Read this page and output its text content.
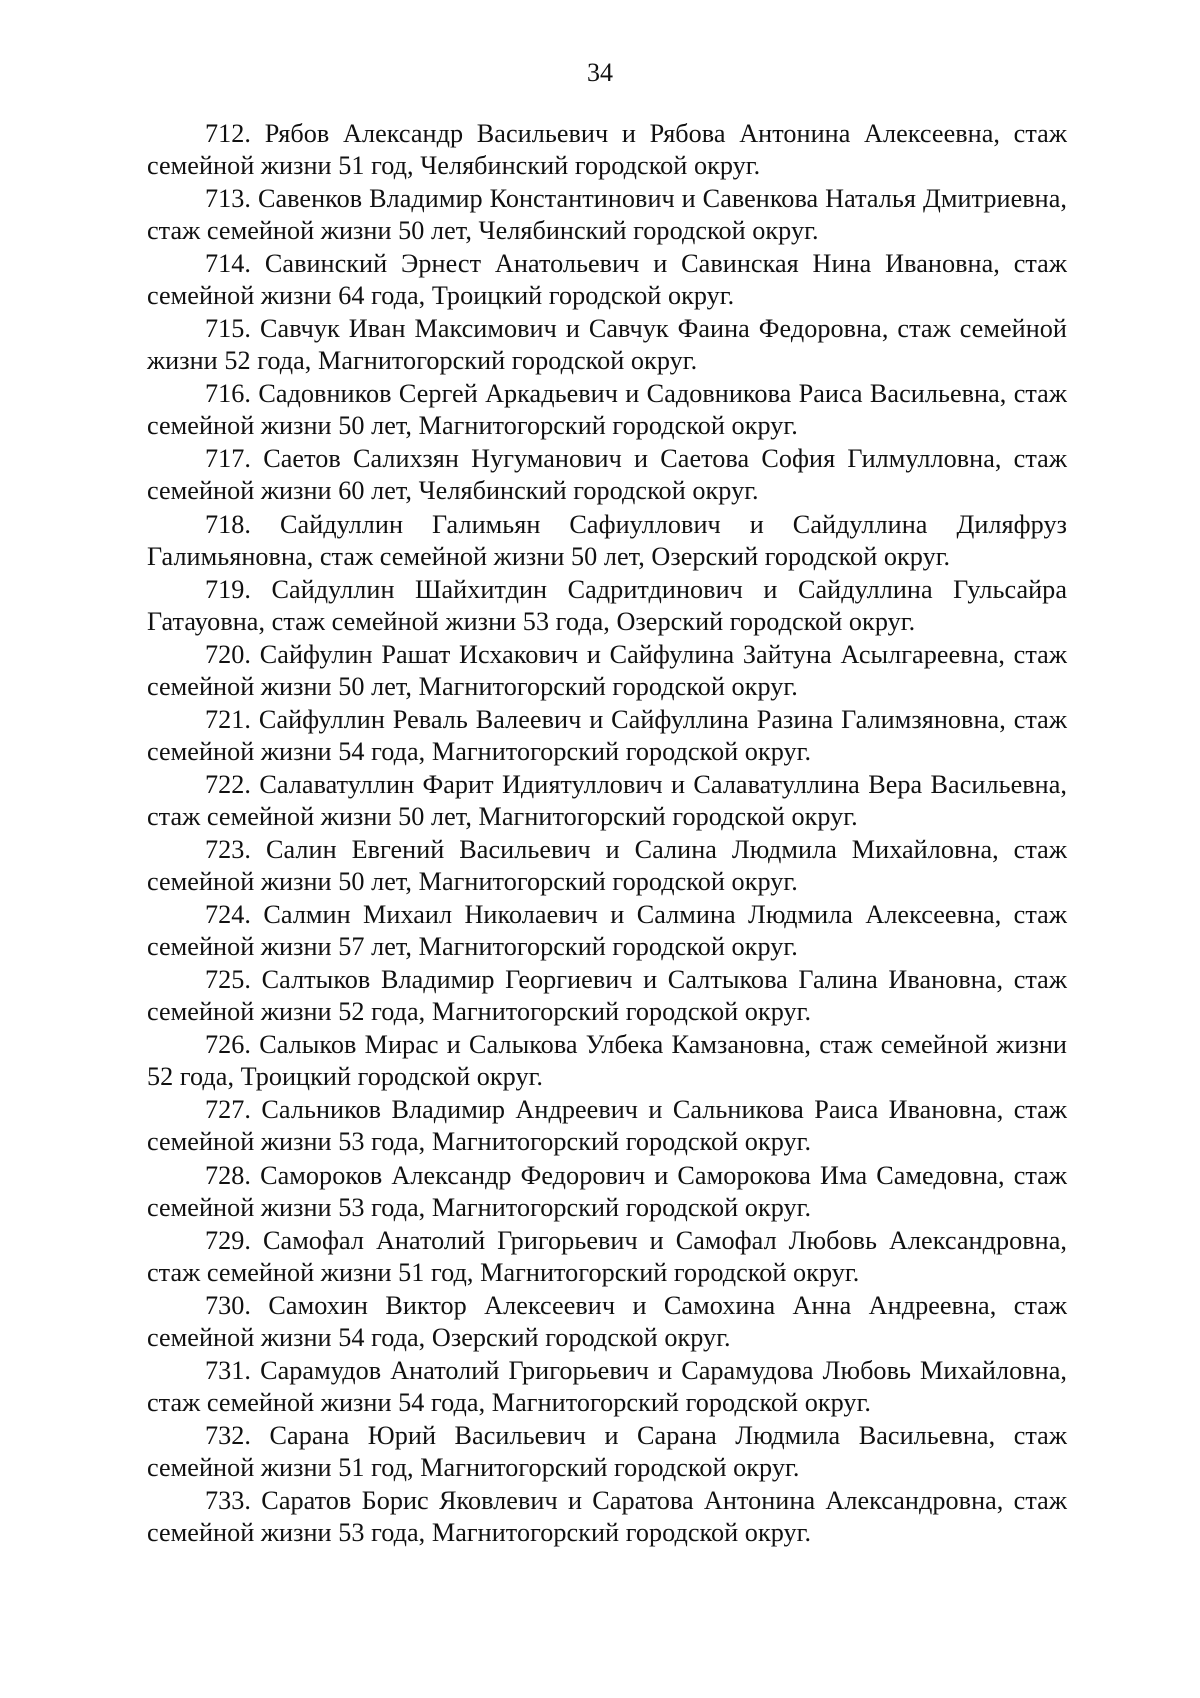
34

712. Рябов Александр Васильевич и Рябова Антонина Алексеевна, стаж семейной жизни 51 год, Челябинский городской округ.

713. Савенков Владимир Константинович и Савенкова Наталья Дмитриевна, стаж семейной жизни 50 лет, Челябинский городской округ.

714. Савинский Эрнест Анатольевич и Савинская Нина Ивановна, стаж семейной жизни 64 года, Троицкий городской округ.

715. Савчук Иван Максимович и Савчук Фаина Федоровна, стаж семейной жизни 52 года, Магнитогорский городской округ.

716. Садовников Сергей Аркадьевич и Садовникова Раиса Васильевна, стаж семейной жизни 50 лет, Магнитогорский городской округ.

717. Саетов Салихзян Нугуманович и Саетова София Гилмулловна, стаж семейной жизни 60 лет, Челябинский городской округ.

718. Сайдуллин Галимьян Сафиуллович и Сайдуллина Диляфруз Галимьяновна, стаж семейной жизни 50 лет, Озерский городской округ.

719. Сайдуллин Шайхитдин Садритдинович и Сайдуллина Гульсайра Гатауовна, стаж семейной жизни 53 года, Озерский городской округ.

720. Сайфулин Рашат Исхакович и Сайфулина Зайтуна Асылгареевна, стаж семейной жизни 50 лет, Магнитогорский городской округ.

721. Сайфуллин Реваль Валеевич и Сайфуллина Разина Галимзяновна, стаж семейной жизни 54 года, Магнитогорский городской округ.

722. Салаватуллин Фарит Идиятуллович и Салаватуллина Вера Васильевна, стаж семейной жизни 50 лет, Магнитогорский городской округ.

723. Салин Евгений Васильевич и Салина Людмила Михайловна, стаж семейной жизни 50 лет, Магнитогорский городской округ.

724. Салмин Михаил Николаевич и Салмина Людмила Алексеевна, стаж семейной жизни 57 лет, Магнитогорский городской округ.

725. Салтыков Владимир Георгиевич и Салтыкова Галина Ивановна, стаж семейной жизни 52 года, Магнитогорский городской округ.

726. Салыков Мирас и Салыкова Улбека Камзановна, стаж семейной жизни 52 года, Троицкий городской округ.

727. Сальников Владимир Андреевич и Сальникова Раиса Ивановна, стаж семейной жизни 53 года, Магнитогорский городской округ.

728. Самороков Александр Федорович и Саморокова Има Самедовна, стаж семейной жизни 53 года, Магнитогорский городской округ.

729. Самофал Анатолий Григорьевич и Самофал Любовь Александровна, стаж семейной жизни 51 год, Магнитогорский городской округ.

730. Самохин Виктор Алексеевич и Самохина Анна Андреевна, стаж семейной жизни 54 года, Озерский городской округ.

731. Сарамудов Анатолий Григорьевич и Сарамудова Любовь Михайловна, стаж семейной жизни 54 года, Магнитогорский городской округ.

732. Сарана Юрий Васильевич и Сарана Людмила Васильевна, стаж семейной жизни 51 год, Магнитогорский городской округ.

733. Саратов Борис Яковлевич и Саратова Антонина Александровна, стаж семейной жизни 53 года, Магнитогорский городской округ.
